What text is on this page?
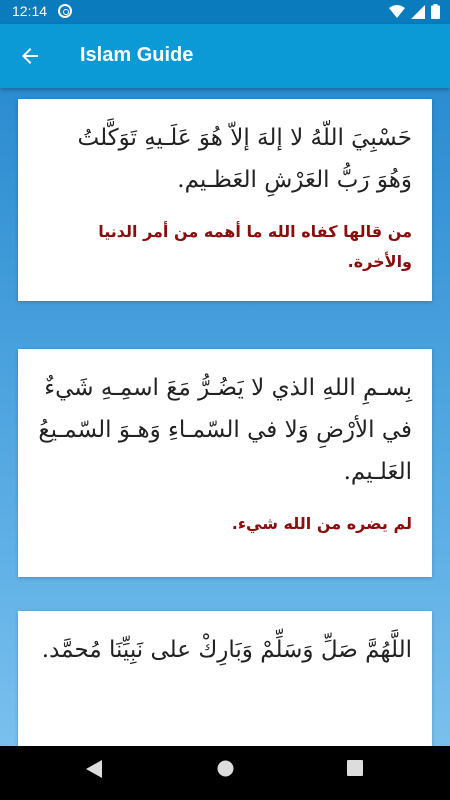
12:14
Islam Guide

حَسْبِيَ اللّهُ لا إلهَ إلاّ هُوَ عَلَـيهِ تَوَكَّلتُ وَهُوَ رَبُّ العَرْشِ العَظـيم.

من قالها كفاه الله ما أهمه من أمر الدنيا والأخرة.

بِسـمِ اللهِ الذي لا يَضُـرُّ مَعَ اسمِـهِ شَيءٌ في الأرْضِ وَلا في السّمـاءِ وَهـوَ السّمـيعُ العَلـيم.

لم يضره من الله شيء.

اللَّهُمَّ صَلِّ وَسَلِّمْ وَبَارِكْ على نَبِيِّنَا مُحمَّد.
